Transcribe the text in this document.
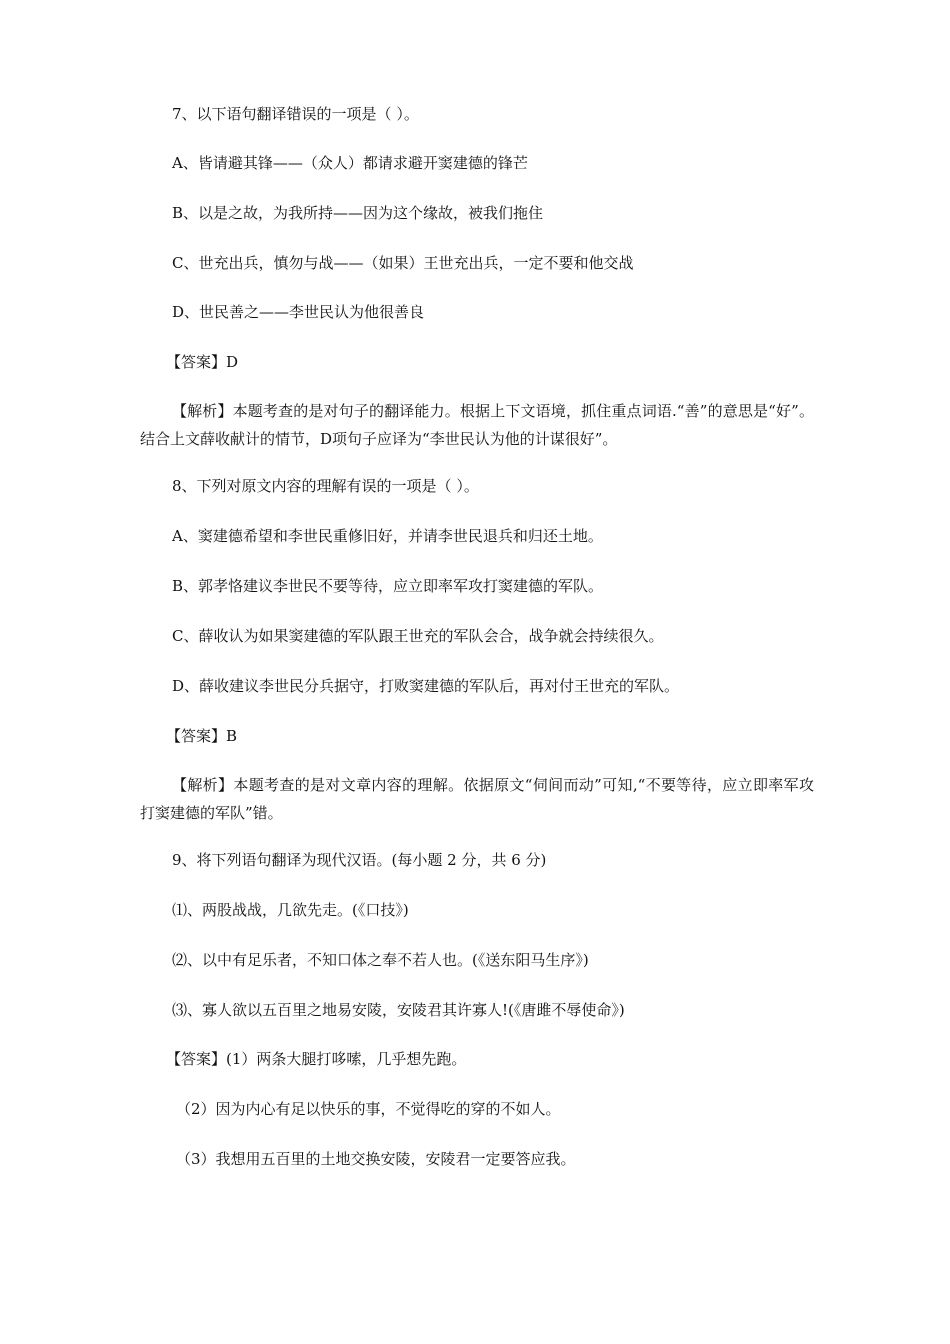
7、以下语句翻译错误的一项是（ ）。
A、皆请避其锋——（众人）都请求避开窦建德的锋芒
B、以是之故，为我所持——因为这个缘故，被我们拖住
C、世充出兵，慎勿与战——（如果）王世充出兵，一定不要和他交战
D、世民善之——李世民认为他很善良
【答案】D
【解析】本题考查的是对句子的翻译能力。根据上下文语境，抓住重点词语.“善”的意思是“好”。结合上文薛收献计的情节，D项句子应译为“李世民认为他的计谋很好”。
8、下列对原文内容的理解有误的一项是（ ）。
A、窦建德希望和李世民重修旧好，并请李世民退兵和归还土地。
B、郭孝恪建议李世民不要等待，应立即率军攻打窦建德的军队。
C、薛收认为如果窦建德的军队跟王世充的军队会合，战争就会持续很久。
D、薛收建议李世民分兵据守，打败窦建德的军队后，再对付王世充的军队。
【答案】B
【解析】本题考查的是对文章内容的理解。依据原文“伺间而动”可知,“不要等待，应立即率军攻打窦建德的军队”错。
9、将下列语句翻译为现代汉语。(每小题 2 分，共 6 分)
⑴、两股战战，几欲先走。(《口技》)
⑵、以中有足乐者，不知口体之奉不若人也。(《送东阳马生序》)
⑶、寡人欲以五百里之地易安陵，安陵君其许寡人!(《唐雎不辱使命》)
【答案】(1）两条大腿打哆嗦，几乎想先跑。
（2）因为内心有足以快乐的事，不觉得吃的穿的不如人。
（3）我想用五百里的土地交换安陵，安陵君一定要答应我。
